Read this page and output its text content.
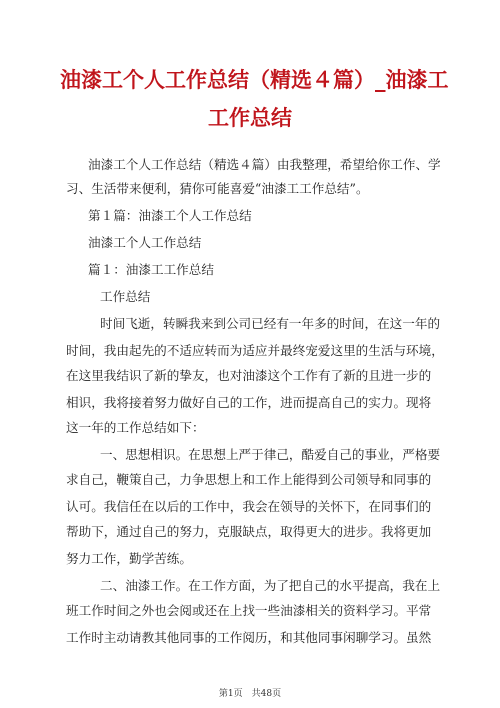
油漆工个人工作总结（精选４篇）_油漆工
工作总结
油漆工个人工作总结（精选４篇）由我整理，希望给你工作、学
习、生活带来便利，猜你可能喜爱“油漆工工作总结”。
第１篇：油漆工个人工作总结
油漆工个人工作总结
篇１：油漆工工作总结
工作总结
时间飞逝，转瞬我来到公司已经有一年多的时间，在这一年的
时间，我由起先的不适应转而为适应并最终宠爱这里的生活与环境，
在这里我结识了新的挚友，也对油漆这个工作有了新的且进一步的
相识，我将接着努力做好自己的工作，进而提高自己的实力。现将
这一年的工作总结如下：
一、思想相识。在思想上严于律己，酷爱自己的事业，严格要
求自己，鞭策自己，力争思想上和工作上能得到公司领导和同事的
认可。我信任在以后的工作中，我会在领导的关怀下，在同事们的
帮助下，通过自己的努力，克服缺点，取得更大的进步。我将更加
努力工作，勤学苦练。
二、油漆工作。在工作方面，为了把自己的水平提高，我在上
班工作时间之外也会阅或还在上找一些油漆相关的资料学习。平常
工作时主动请教其他同事的工作阅历，和其他同事闲聊学习。虽然
第1页　共48页
